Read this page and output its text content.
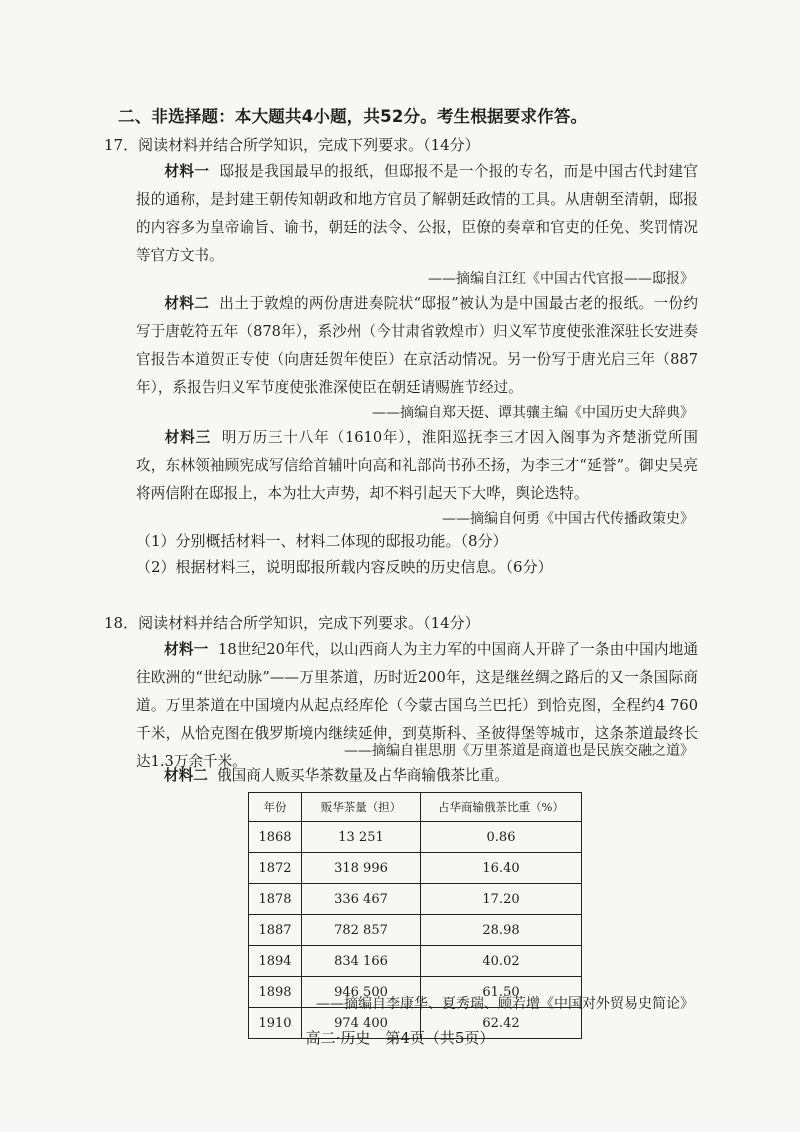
二、非选择题：本大题共4小题，共52分。考生根据要求作答。
17．阅读材料并结合所学知识，完成下列要求。（14分）
材料一 邸报是我国最早的报纸，但邸报不是一个报的专名，而是中国古代封建官报的通称，是封建王朝传知朝政和地方官员了解朝廷政情的工具。从唐朝至清朝，邸报的内容多为皇帝谕旨、谕书，朝廷的法令、公报，臣僚的奏章和官吏的任免、奖罚情况等官方文书。
——摘编自江红《中国古代官报——邸报》
材料二 出土于敦煌的两份唐进奏院状“邸报”被认为是中国最古老的报纸。一份约写于唐乾符五年（878年），系沙州（今甘肃省敦煌市）归义军节度使张淮深驻长安进奏官报告本道贺正专使（向唐廷贺年使臣）在京活动情况。另一份写于唐光启三年（887年），系报告归义军节度使张淮深使臣在朝廷请赐旌节经过。
——摘编自郑天挺、谭其骧主编《中国历史大辞典》
材料三 明万历三十八年（1610年），淮阳巡抚李三才因入阁事为齐楚浙党所围攻，东林领袖顾宪成写信给首辅叶向高和礼部尚书孙丕扬，为李三才“延誉”。御史吴亮将两信附在邸报上，本为壮大声势，却不料引起天下大哗，舆论迭特。
——摘编自何勇《中国古代传播政策史》
（1）分别概括材料一、材料二体现的邸报功能。（8分）
（2）根据材料三，说明邸报所载内容反映的历史信息。（6分）
18．阅读材料并结合所学知识，完成下列要求。（14分）
材料一 18世纪20年代，以山西商人为主力军的中国商人开辟了一条由中国内地通往欧洲的“世纪动脉”——万里茶道，历时近200年，这是继丝绸之路后的又一条国际商道。万里茶道在中国境内从起点经库伦（今蒙古国乌兰巴托）到恰克图，全程约4 760千米，从恰克图在俄罗斯境内继续延伸，到莫斯科、圣彼得堡等城市，这条茶道最终长达1.3万余千米。
——摘编自崔思朋《万里茶道是商道也是民族交融之道》
材料二 俄国商人贩买华茶数量及占华商输俄茶比重。
年份	贩华茶量（担）	占华商输俄茶比重（%）
1868	13 251	0.86
1872	318 996	16.40
1878	336 467	17.20
1887	782 857	28.98
1894	834 166	40.02
1898	946 500	61.50
1910	974 400	62.42
——摘编自李康华、夏秀瑞、顾若增《中国对外贸易史简论》
高二·历史　第4页（共5页）
